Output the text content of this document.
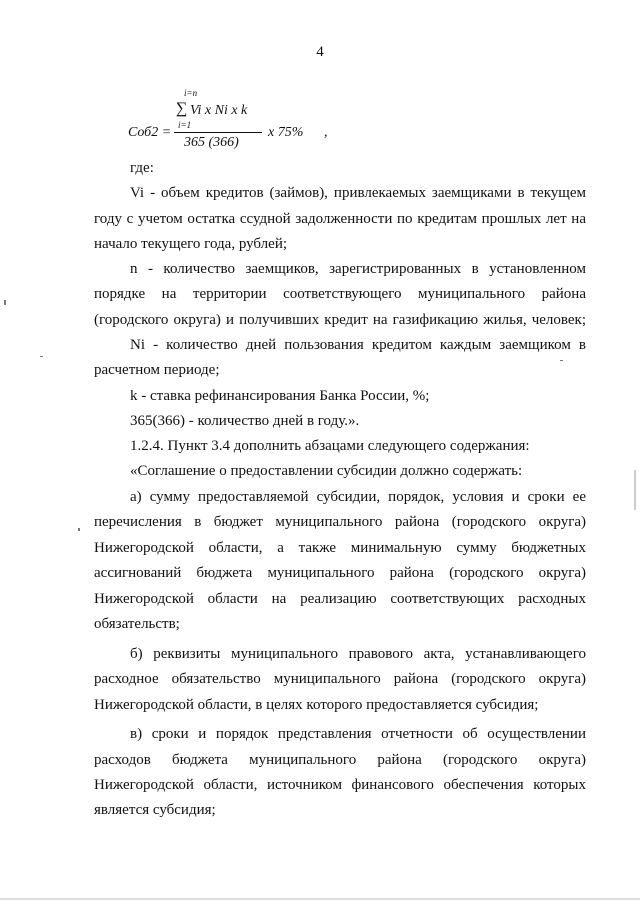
4
i=n
∑ Vi x Ni x k
i=1
Cоб2 =
365 (366)
x 75% ,
где:
Vi - объем кредитов (займов), привлекаемых заемщиками в текущем
году с учетом остатка ссудной задолженности по кредитам прошлых лет на
начало текущего года, рублей;
n - количество заемщиков, зарегистрированных в установленном
порядке на территории соответствующего муниципального района
(городского округа) и получивших кредит на газификацию жилья, человек;
Ni - количество дней пользования кредитом каждым заемщиком в
расчетном периоде;
k - ставка рефинансирования Банка России, %;
365(366) - количество дней в году.».
1.2.4. Пункт 3.4 дополнить абзацами следующего содержания:
«Соглашение о предоставлении субсидии должно содержать:
а) сумму предоставляемой субсидии, порядок, условия и сроки ее
перечисления в бюджет муниципального района (городского округа)
Нижегородской области, а также минимальную сумму бюджетных
ассигнований бюджета муниципального района (городского округа)
Нижегородской области на реализацию соответствующих расходных
обязательств;
б) реквизиты муниципального правового акта, устанавливающего
расходное обязательство муниципального района (городского округа)
Нижегородской области, в целях которого предоставляется субсидия;
в) сроки и порядок представления отчетности об осуществлении
расходов бюджета муниципального района (городского округа)
Нижегородской области, источником финансового обеспечения которых
является субсидия;
